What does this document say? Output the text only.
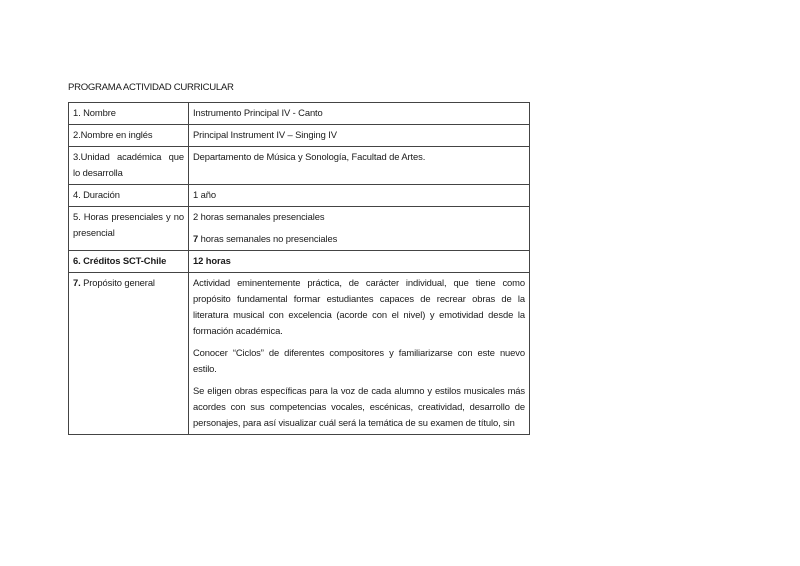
PROGRAMA ACTIVIDAD CURRICULAR
1. Nombre	Instrumento Principal IV - Canto
2.Nombre en inglés	Principal Instrument IV – Singing IV
3.Unidad académica que lo desarrolla	Departamento de Música y Sonología, Facultad de Artes.
4. Duración	1 año
5. Horas presenciales y no presencial	2 horas semanales presenciales

7 horas semanales no presenciales

6. Créditos SCT-Chile	12 horas
7. Propósito general	Actividad eminentemente práctica, de carácter individual, que tiene como propósito fundamental formar estudiantes capaces de recrear obras de la literatura musical con excelencia (acorde con el nivel) y emotividad desde la formación académica.

Conocer “Ciclos” de diferentes compositores y familiarizarse con este nuevo estilo.

Se eligen obras específicas para la voz de cada alumno y estilos musicales más acordes con sus competencias vocales, escénicas, creatividad, desarrollo de personajes, para así visualizar cuál será la temática de su examen de título, sin
